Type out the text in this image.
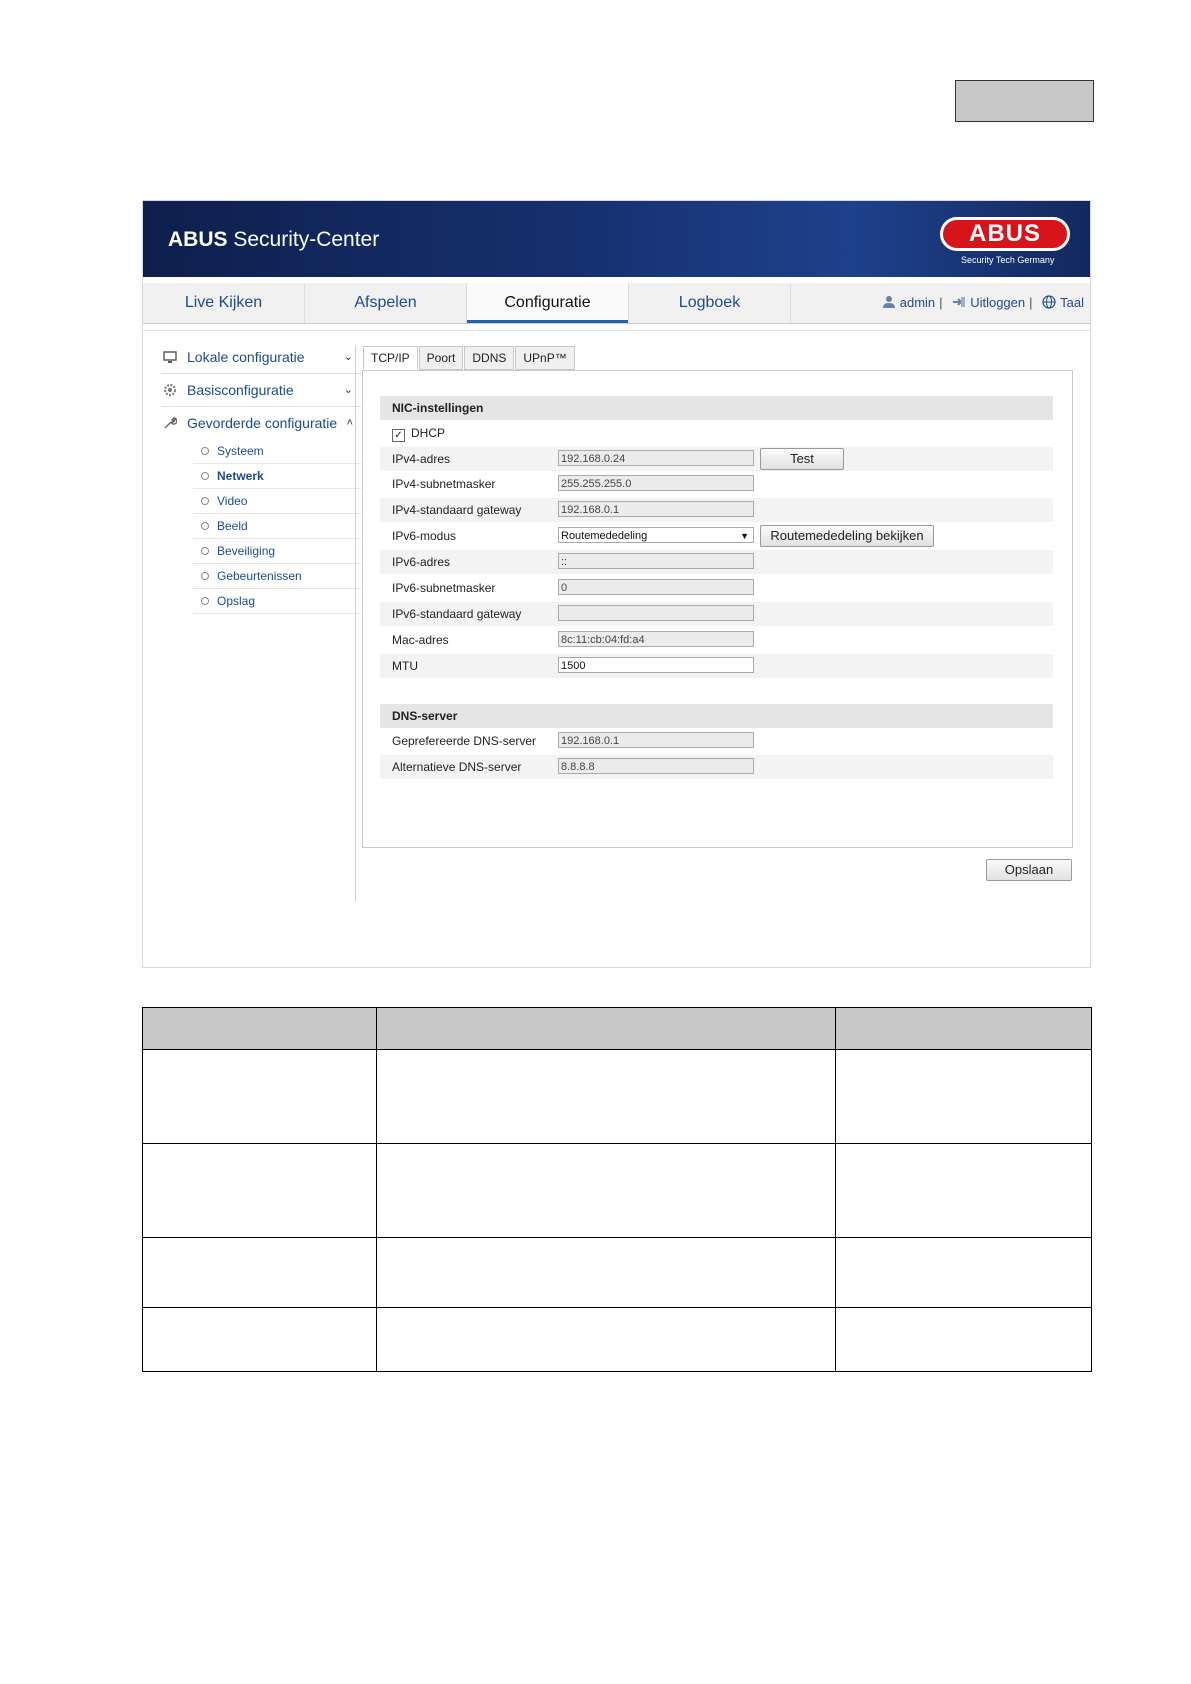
ABUS Security-Center	ABUS
Security Tech Germany
Live Kijken	Afspelen	Configuratie	Logboek	admin | Uitloggen | Taal
Lokale configuratie	⌄
Basisconfiguratie	⌄
Gevorderde configuratie ˄
Systeem
Netwerk
Video
Beeld
Beveiliging
Gebeurtenissen
Opslag
TCP/IP Poort DDNS UPnP™
NIC-instellingen
✓ DHCP
IPv4-adres	192.168.0.24	Test
IPv4-subnetmasker	255.255.255.0
IPv4-standaard gateway	192.168.0.1
IPv6-modus	Routemededeling	▼	Routemededeling bekijken
IPv6-adres	::
IPv6-subnetmasker	0
IPv6-standaard gateway
Mac-adres	8c:11:cb:04:fd:a4
MTU	1500
DNS-server
Geprefereerde DNS-server 192.168.0.1
Alternatieve DNS-server	8.8.8.8
Opslaan
